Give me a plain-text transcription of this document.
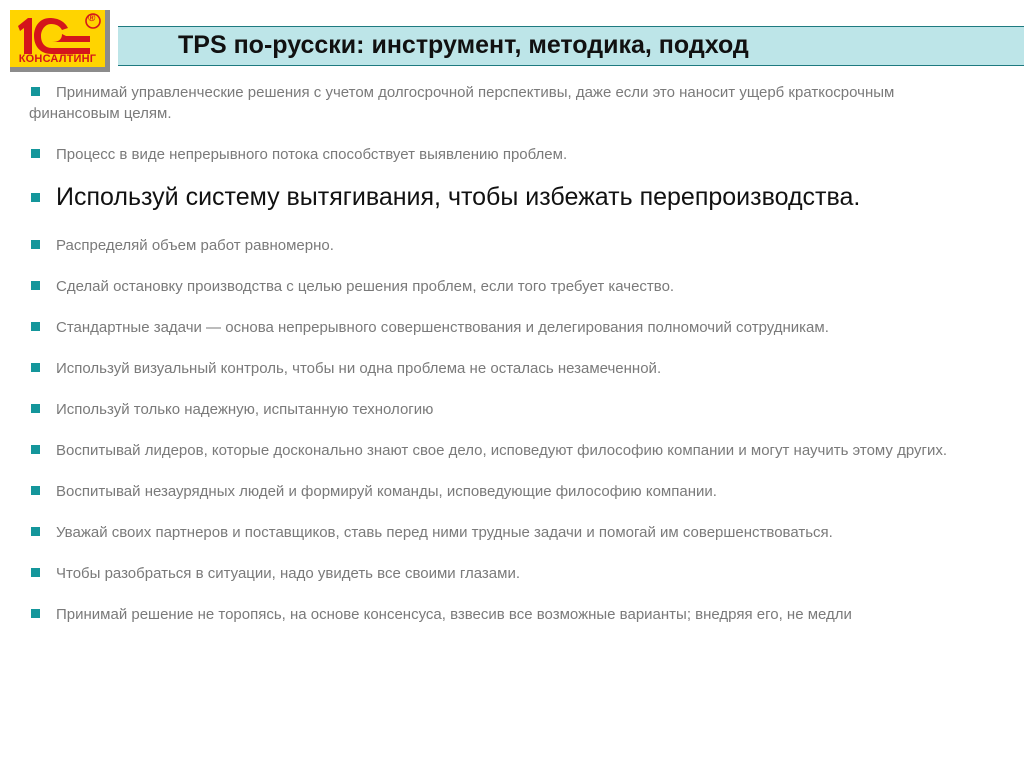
®
КОНСАЛТИНГ	TPS по-русски: инструмент, методика, подход
Принимай управленческие решения с учетом долгосрочной перспективы, даже если это наносит ущерб краткосрочным финансовым целям.
Процесс в виде непрерывного потока способствует выявлению проблем.
Используй систему вытягивания, чтобы избежать перепроизводства.
Распределяй объем работ равномерно.
Сделай остановку производства с целью решения проблем, если того требует качество.
Стандартные задачи — основа непрерывного совершенствования и делегирования полномочий сотрудникам.
Используй визуальный контроль, чтобы ни одна проблема не осталась незамеченной.
Используй только надежную, испытанную технологию
Воспитывай лидеров, которые досконально знают свое дело, исповедуют философию компании и могут научить этому других.
Воспитывай незаурядных людей и формируй команды, исповедующие философию компании.
Уважай своих партнеров и поставщиков, ставь перед ними трудные задачи и помогай им совершенствоваться.
Чтобы разобраться в ситуации, надо увидеть все своими глазами.
Принимай решение не торопясь, на основе консенсуса, взвесив все возможные варианты; внедряя его, не медли
